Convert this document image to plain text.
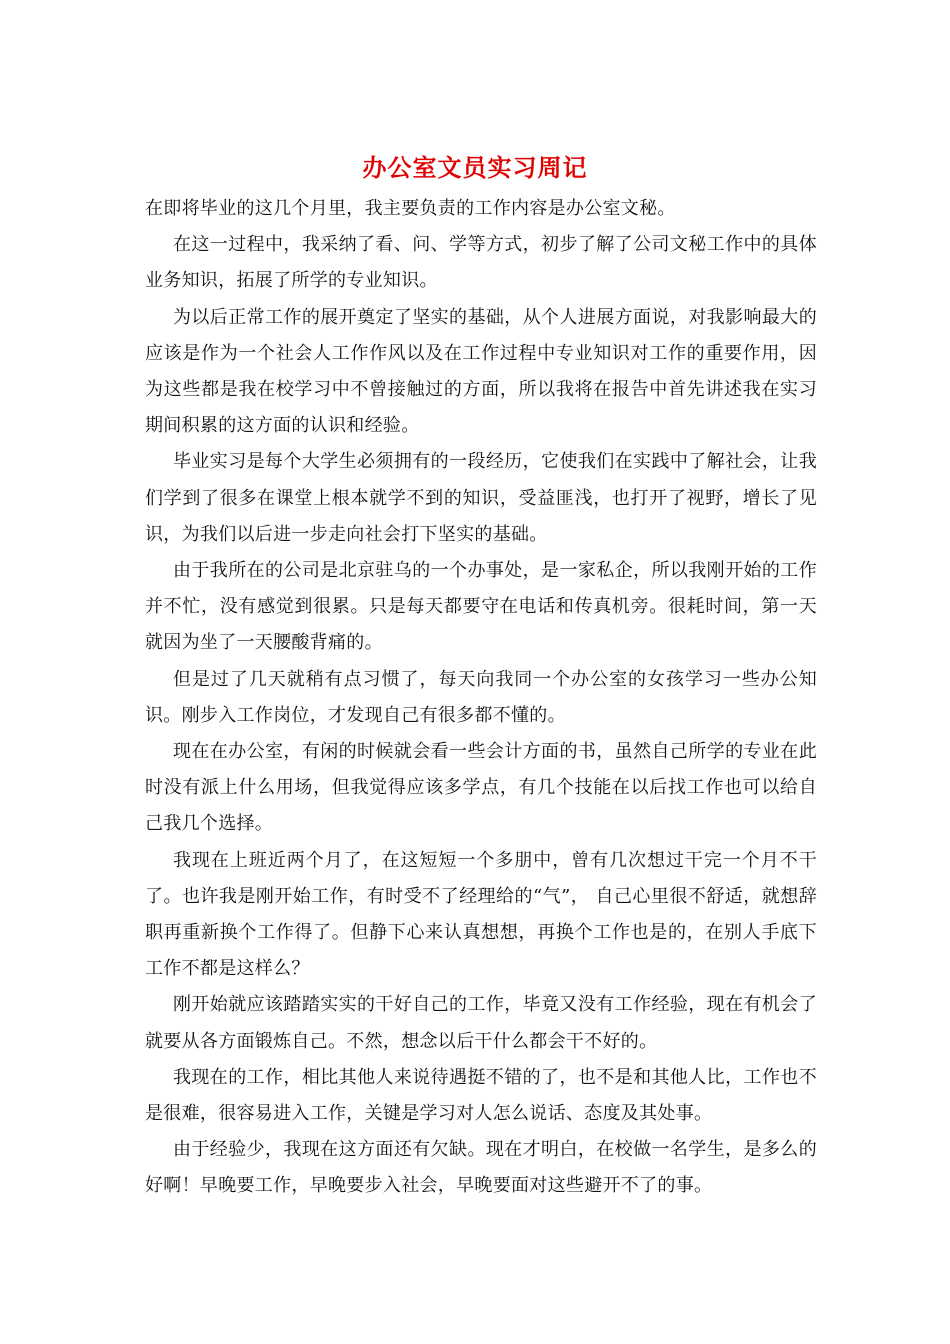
办公室文员实习周记

在即将毕业的这几个月里，我主要负责的工作内容是办公室文秘。

在这一过程中，我采纳了看、问、学等方式，初步了解了公司文秘工作中的具体业务知识，拓展了所学的专业知识。

为以后正常工作的展开奠定了坚实的基础，从个人进展方面说，对我影响最大的应该是作为一个社会人工作作风以及在工作过程中专业知识对工作的重要作用，因为这些都是我在校学习中不曾接触过的方面，所以我将在报告中首先讲述我在实习期间积累的这方面的认识和经验。

毕业实习是每个大学生必须拥有的一段经历，它使我们在实践中了解社会，让我们学到了很多在课堂上根本就学不到的知识，受益匪浅，也打开了视野，增长了见识，为我们以后进一步走向社会打下坚实的基础。

由于我所在的公司是北京驻乌的一个办事处，是一家私企，所以我刚开始的工作并不忙，没有感觉到很累。只是每天都要守在电话和传真机旁。很耗时间，第一天就因为坐了一天腰酸背痛的。

但是过了几天就稍有点习惯了，每天向我同一个办公室的女孩学习一些办公知识。刚步入工作岗位，才发现自己有很多都不懂的。

现在在办公室，有闲的时候就会看一些会计方面的书，虽然自己所学的专业在此时没有派上什么用场，但我觉得应该多学点，有几个技能在以后找工作也可以给自己我几个选择。

我现在上班近两个月了，在这短短一个多朋中，曾有几次想过干完一个月不干了。也许我是刚开始工作，有时受不了经理给的“气”， 自己心里很不舒适，就想辞职再重新换个工作得了。但静下心来认真想想，再换个工作也是的，在别人手底下工作不都是这样么？

刚开始就应该踏踏实实的干好自己的工作，毕竟又没有工作经验，现在有机会了就要从各方面锻炼自己。不然，想念以后干什么都会干不好的。

我现在的工作，相比其他人来说待遇挺不错的了，也不是和其他人比，工作也不是很难，很容易进入工作，关键是学习对人怎么说话、态度及其处事。

由于经验少，我现在这方面还有欠缺。现在才明白，在校做一名学生，是多么的好啊！早晚要工作，早晚要步入社会，早晚要面对这些避开不了的事。
